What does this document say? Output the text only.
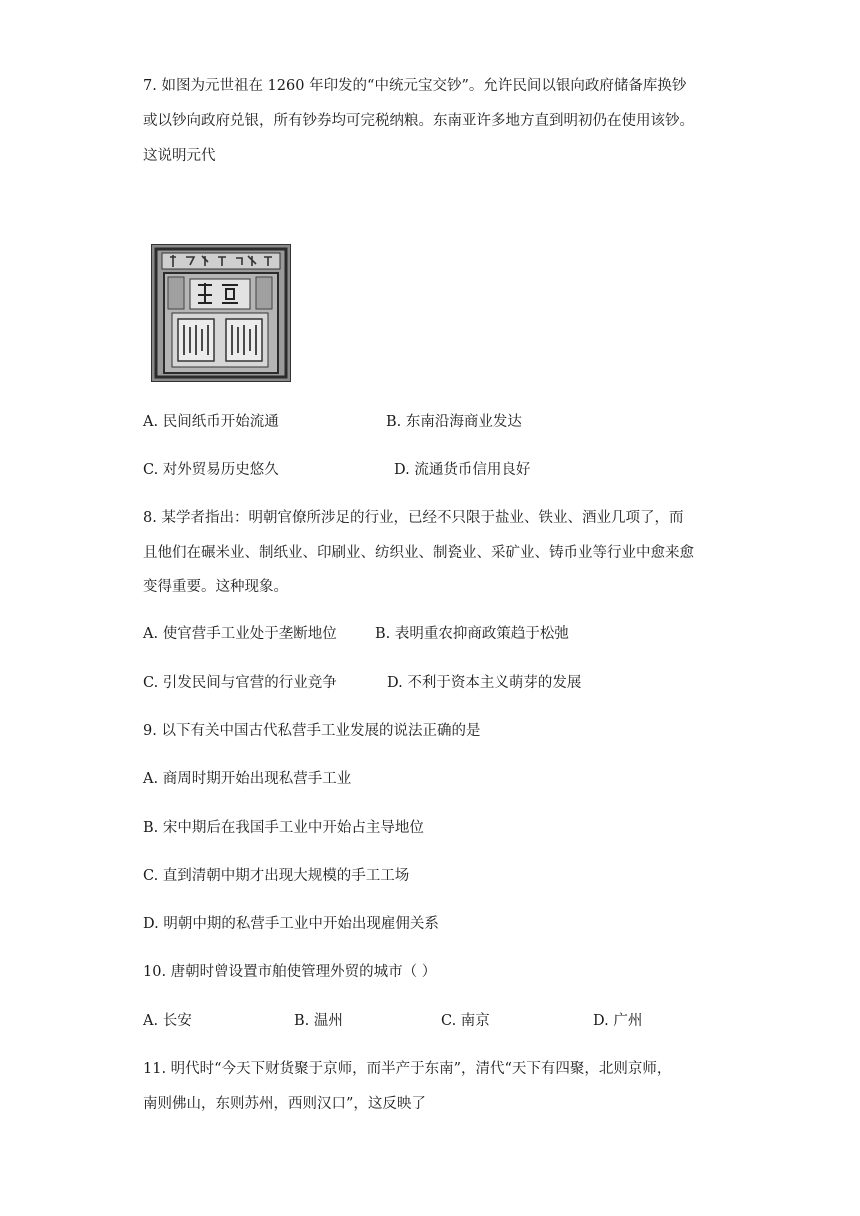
7. 如图为元世祖在 1260 年印发的“中统元宝交钞”。允许民间以银向政府储备库换钞
或以钞向政府兑银，所有钞券均可完税纳粮。东南亚许多地方直到明初仍在使用该钞。
这说明元代
A. 民间纸币开始流通	B. 东南沿海商业发达
C. 对外贸易历史悠久	D. 流通货币信用良好
8. 某学者指出：明朝官僚所涉足的行业，已经不只限于盐业、铁业、酒业几项了，而
且他们在碾米业、制纸业、印刷业、纺织业、制瓷业、采矿业、铸币业等行业中愈来愈
变得重要。这种现象。
A. 使官营手工业处于垄断地位	B. 表明重农抑商政策趋于松弛
C. 引发民间与官营的行业竞争	D. 不利于资本主义萌芽的发展
9. 以下有关中国古代私营手工业发展的说法正确的是
A. 商周时期开始出现私营手工业
B. 宋中期后在我国手工业中开始占主导地位
C. 直到清朝中期才出现大规模的手工工场
D. 明朝中期的私营手工业中开始出现雇佣关系
10. 唐朝时曾设置市舶使管理外贸的城市（ ）
A. 长安	B. 温州	C. 南京	D. 广州
11. 明代时“今天下财货聚于京师，而半产于东南”，清代“天下有四聚，北则京师，
南则佛山，东则苏州，西则汉口”，这反映了
